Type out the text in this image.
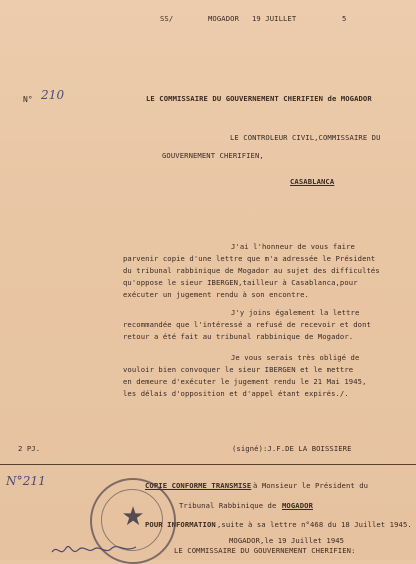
SS/	MOGADOR 19 JUILLET	5
N° 210	LE COMMISSAIRE DU GOUVERNEMENT CHERIFIEN de MOGADOR
LE CONTROLEUR CIVIL,COMMISSAIRE DU
GOUVERNEMENT CHERIFIEN,
CASABLANCA
J'ai l'honneur de vous faire
parvenir copie d'une lettre que m'a adressée le Président
du tribunal rabbinique de Mogador au sujet des difficultés
qu'oppose le sieur IBERGEN,tailleur à Casablanca,pour
exécuter un jugement rendu à son encontre.
J'y joins également la lettre
recommandée que l'intéressé a refusé de recevoir et dont
retour a été fait au tribunal rabbinique de Mogador.
Je vous serais très obligé de
vouloir bien convoquer le sieur IBERGEN et le mettre
en demeure d'exécuter le jugement rendu le 21 Mai 1945,
les délais d'opposition et d'appel étant expirés./.
2 PJ.	(signé):J.F.DE LA BOISSIERE
N°211	COPIE CONFORME TRANSMISE à Monsieur le Président du
Tribunal Rabbinique de MOGADOR
POUR INFORMATION ,suite à sa lettre n°468 du 18 Juillet 1945.
MOGADOR,le 19 Juillet 1945
LE COMMISSAIRE DU GOUVERNEMENT CHERIFIEN:
★
